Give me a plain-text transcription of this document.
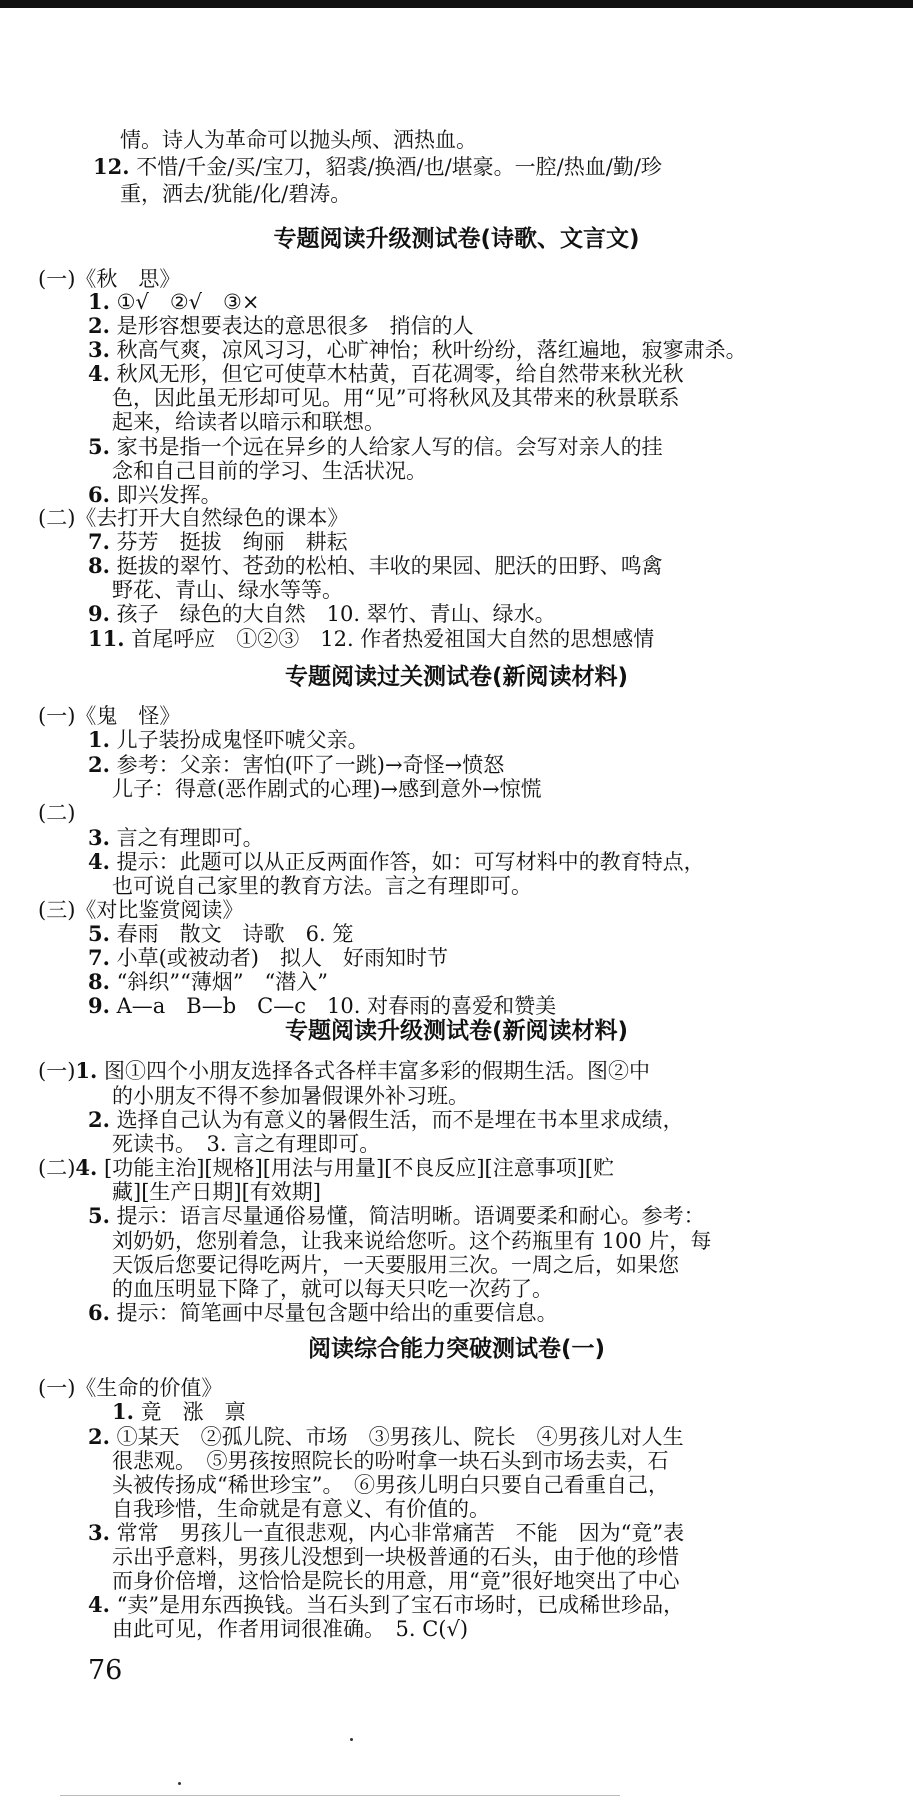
情。诗人为革命可以抛头颅、洒热血。
12. 不惜/千金/买/宝刀，貂裘/换酒/也/堪豪。一腔/热血/勤/珍
重，洒去/犹能/化/碧涛。
专题阅读升级测试卷(诗歌、文言文)
(一)《秋　思》
1. ①√　②√　③×
2. 是形容想要表达的意思很多　捎信的人
3. 秋高气爽，凉风习习，心旷神怡；秋叶纷纷，落红遍地，寂寥肃杀。
4. 秋风无形，但它可使草木枯黄，百花凋零，给自然带来秋光秋
色，因此虽无形却可见。用“见”可将秋风及其带来的秋景联系
起来，给读者以暗示和联想。
5. 家书是指一个远在异乡的人给家人写的信。会写对亲人的挂
念和自己目前的学习、生活状况。
6. 即兴发挥。
(二)《去打开大自然绿色的课本》
7. 芬芳　挺拔　绚丽　耕耘
8. 挺拔的翠竹、苍劲的松柏、丰收的果园、肥沃的田野、鸣禽
野花、青山、绿水等等。
9. 孩子　绿色的大自然　10. 翠竹、青山、绿水。
11. 首尾呼应　①②③　12. 作者热爱祖国大自然的思想感情
专题阅读过关测试卷(新阅读材料)
(一)《鬼　怪》
1. 儿子装扮成鬼怪吓唬父亲。
2. 参考：父亲：害怕(吓了一跳)→奇怪→愤怒
儿子：得意(恶作剧式的心理)→感到意外→惊慌
(二)
3. 言之有理即可。
4. 提示：此题可以从正反两面作答，如：可写材料中的教育特点，
也可说自己家里的教育方法。言之有理即可。
(三)《对比鉴赏阅读》
5. 春雨　散文　诗歌　6. 笼
7. 小草(或被动者)　拟人　好雨知时节
8. “斜织”“薄烟”　“潜入”
9. A—a　B—b　C—c　10. 对春雨的喜爱和赞美
专题阅读升级测试卷(新阅读材料)
(一)1. 图①四个小朋友选择各式各样丰富多彩的假期生活。图②中
的小朋友不得不参加暑假课外补习班。
2. 选择自己认为有意义的暑假生活，而不是埋在书本里求成绩，
死读书。　3. 言之有理即可。
(二)4. [功能主治][规格][用法与用量][不良反应][注意事项][贮
藏][生产日期][有效期]
5. 提示：语言尽量通俗易懂，简洁明晰。语调要柔和耐心。参考：
刘奶奶，您别着急，让我来说给您听。这个药瓶里有 100 片，每
天饭后您要记得吃两片，一天要服用三次。一周之后，如果您
的血压明显下降了，就可以每天只吃一次药了。
6. 提示：简笔画中尽量包含题中给出的重要信息。
阅读综合能力突破测试卷(一)
(一)《生命的价值》
1. 竟　涨　禀
2. ①某天　②孤儿院、市场　③男孩儿、院长　④男孩儿对人生
很悲观。　⑤男孩按照院长的吩咐拿一块石头到市场去卖，石
头被传扬成“稀世珍宝”。　⑥男孩儿明白只要自己看重自己，
自我珍惜，生命就是有意义、有价值的。
3. 常常　男孩儿一直很悲观，内心非常痛苦　不能　因为“竟”表
示出乎意料，男孩儿没想到一块极普通的石头，由于他的珍惜
而身价倍增，这恰恰是院长的用意，用“竟”很好地突出了中心
4. “卖”是用东西换钱。当石头到了宝石市场时，已成稀世珍品，
由此可见，作者用词很准确。　5. C(√)
76
